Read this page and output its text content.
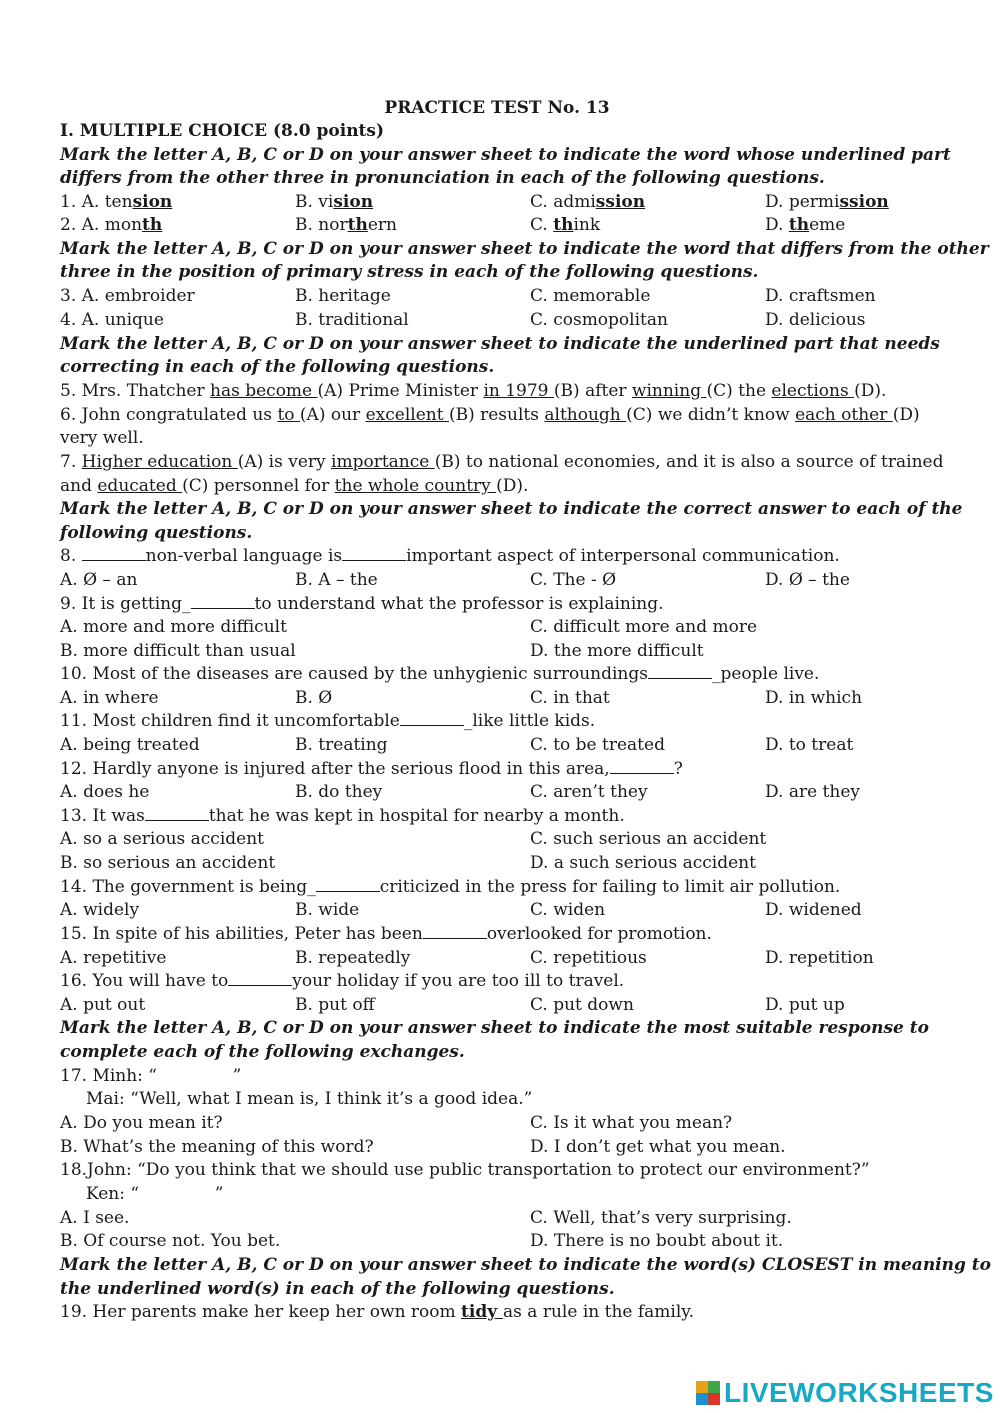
PRACTICE TEST No. 13
I. MULTIPLE CHOICE (8.0 points)
Mark the letter A, B, C or D on your answer sheet to indicate the word whose underlined part
differs from the other three in pronunciation in each of the following questions.
1. A. tension	B. vision	C. admission	D. permission
2. A. month	B. northern	C. think	D. theme
Mark the letter A, B, C or D on your answer sheet to indicate the word that differs from the other
three in the position of primary stress in each of the following questions.
3. A. embroider	B. heritage	C. memorable	D. craftsmen
4. A. unique	B. traditional	C. cosmopolitan	D. delicious
Mark the letter A, B, C or D on your answer sheet to indicate the underlined part that needs
correcting in each of the following questions.
5. Mrs. Thatcher has become (A) Prime Minister in 1979 (B) after winning (C) the elections (D).
6. John congratulated us to (A) our excellent (B) results although (C) we didn’t know each other (D)
very well.
7. Higher education (A) is very importance (B) to national economies, and it is also a source of trained
and educated (C) personnel for the whole country (D).
Mark the letter A, B, C or D on your answer sheet to indicate the correct answer to each of the
following questions.
8.	non-verbal language is	important aspect of interpersonal communication.
A. Ø – an	B. A – the	C. The - Ø	D. Ø – the
9. It is getting_	to understand what the professor is explaining.
A. more and more difficult	C. difficult more and more
B. more difficult than usual	D. the more difficult
10. Most of the diseases are caused by the unhygienic surroundings	_people live.
A. in where	B. Ø	C. in that	D. in which
11. Most children find it uncomfortable	_like little kids.
A. being treated	B. treating	C. to be treated	D. to treat
12. Hardly anyone is injured after the serious flood in this area,	?
A. does he	B. do they	C. aren’t they	D. are they
13. It was	that he was kept in hospital for nearby a month.
A. so a serious accident	C. such serious an accident
B. so serious an accident	D. a such serious accident
14. The government is being_	criticized in the press for failing to limit air pollution.
A. widely	B. wide	C. widen	D. widened
15. In spite of his abilities, Peter has been	overlooked for promotion.
A. repetitive	B. repeatedly	C. repetitious	D. repetition
16. You will have to	your holiday if you are too ill to travel.
A. put out	B. put off	C. put down	D. put up
Mark the letter A, B, C or D on your answer sheet to indicate the most suitable response to
complete each of the following exchanges.
17. Minh: “              ”
Mai: “Well, what I mean is, I think it’s a good idea.”
A. Do you mean it?	C. Is it what you mean?
B. What’s the meaning of this word?	D. I don’t get what you mean.
18.John: “Do you think that we should use public transportation to protect our environment?”
Ken: “              ”
A. I see.	C. Well, that’s very surprising.
B. Of course not. You bet.	D. There is no boubt about it.
Mark the letter A, B, C or D on your answer sheet to indicate the word(s) CLOSEST in meaning to
the underlined word(s) in each of the following questions.
19. Her parents make her keep her own room tidy as a rule in the family.
LIVEWORKSHEETS
